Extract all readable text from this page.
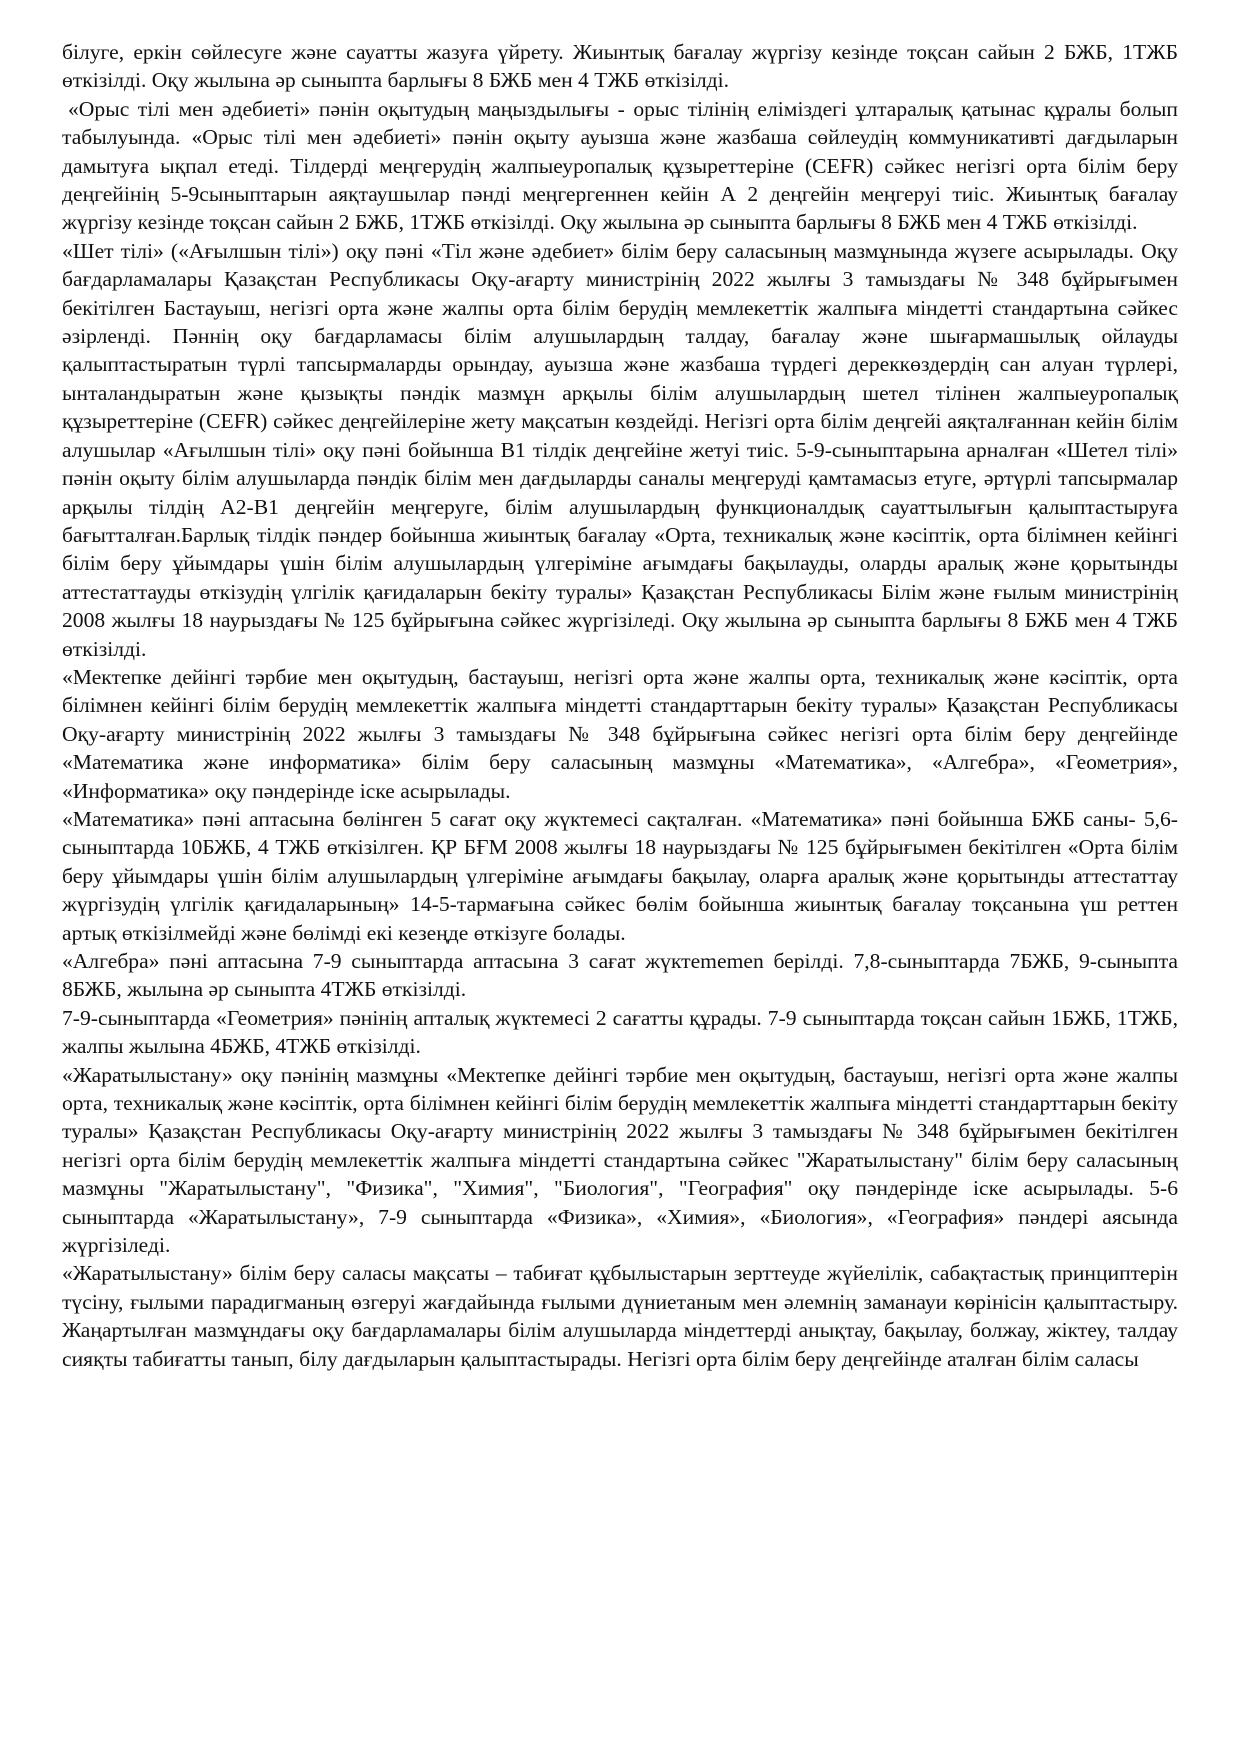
білуге, еркін сөйлесуге және сауатты жазуға үйрету. Жиынтық бағалау жүргізу кезінде тоқсан сайын 2 БЖБ, 1ТЖБ өткізілді. Оқу жылына әр сыныпта барлығы 8 БЖБ мен 4 ТЖБ өткізілді.

«Орыс тілі мен әдебиеті» пәнін оқытудың маңыздылығы - орыс тілінің еліміздегі ұлтаралық қатынас құралы болып табылуында. «Орыс тілі мен әдебиеті» пәнін оқыту ауызша және жазбаша сөйлеудің коммуникативті дағдыларын дамытуға ықпал етеді. Тілдерді меңгерудің жалпыеуропалық құзыреттеріне (CEFR) сәйкес негізгі орта білім беру деңгейінің 5-9сыныптарын аяқтаушылар пәнді меңгергеннен кейін А 2 деңгейін меңгеруі тиіс. Жиынтық бағалау жүргізу кезінде тоқсан сайын 2 БЖБ, 1ТЖБ өткізілді. Оқу жылына әр сыныпта барлығы 8 БЖБ мен 4 ТЖБ өткізілді.

«Шет тілі» («Ағылшын тілі») оқу пәні «Тіл және әдебиет» білім беру саласының мазмұнында жүзеге асырылады. Оқу бағдарламалары Қазақстан Республикасы Оқу-ағарту министрінің 2022 жылғы 3 тамыздағы № 348 бұйрығымен бекітілген Бастауыш, негізгі орта және жалпы орта білім берудің мемлекеттік жалпыға міндетті стандартына сәйкес әзірленді. Пәннің оқу бағдарламасы білім алушылардың талдау, бағалау және шығармашылық ойлауды қалыптастыратын түрлі тапсырмаларды орындау, ауызша және жазбаша түрдегі дереккөздердің сан алуан түрлері, ынталандыратын және қызықты пәндік мазмұн арқылы білім алушылардың шетел тілінен жалпыеуропалық құзыреттеріне (CEFR) сәйкес деңгейілеріне жету мақсатын көздейді. Негізгі орта білім деңгейі аяқталғаннан кейін білім алушылар «Ағылшын тілі» оқу пәні бойынша B1 тілдік деңгейіне жетуі тиіс. 5-9-сыныптарына арналған «Шетел тілі» пәнін оқыту білім алушыларда пәндік білім мен дағдыларды саналы меңгеруді қамтамасыз етуге, әртүрлі тапсырмалар арқылы тілдің A2-B1 деңгейін меңгеруге, білім алушылардың функционалдық сауаттылығын қалыптастыруға бағытталған.Барлық тілдік пәндер бойынша жиынтық бағалау «Орта, техникалық және кәсіптік, орта білімнен кейінгі білім беру ұйымдары үшін білім алушылардың үлгеріміне ағымдағы бақылауды, оларды аралық және қорытынды аттестаттауды өткізудің үлгілік қағидаларын бекіту туралы» Қазақстан Республикасы Білім және ғылым министрінің 2008 жылғы 18 наурыздағы № 125 бұйрығына сәйкес жүргізіледі. Оқу жылына әр сыныпта барлығы 8 БЖБ мен 4 ТЖБ өткізілді.

«Мектепке дейінгі тәрбие мен оқытудың, бастауыш, негізгі орта және жалпы орта, техникалық және кәсіптік, орта білімнен кейінгі білім берудің мемлекеттік жалпыға міндетті стандарттарын бекіту туралы» Қазақстан Республикасы Оқу-ағарту министрінің 2022 жылғы 3 тамыздағы № 348 бұйрығына сәйкес негізгі орта білім беру деңгейінде «Математика және информатика» білім беру саласының мазмұны «Математика», «Алгебра», «Геометрия», «Информатика» оқу пәндерінде іске асырылады.

«Математика» пәні аптасына бөлінген 5 сағат оқу жүктемесі сақталған. «Математика» пәні бойынша БЖБ саны- 5,6-сыныптарда 10БЖБ, 4 ТЖБ өткізілген. ҚР БҒМ 2008 жылғы 18 наурыздағы № 125 бұйрығымен бекітілген «Орта білім беру ұйымдары үшін білім алушылардың үлгеріміне ағымдағы бақылау, оларға аралық және қорытынды аттестаттау жүргізудің үлгілік қағидаларының» 14-5-тармағына сәйкес бөлім бойынша жиынтық бағалау тоқсанына үш реттен артық өткізілмейді және бөлімді екі кезеңде өткізуге болады.

«Алгебра» пәні аптасына 7-9 сыныптарда аптасына 3 сағат жүктememen берілді. 7,8-сыныптарда 7БЖБ, 9-сыныпта 8БЖБ, жылына әр сыныпта 4ТЖБ өткізілді.

7-9-сыныптарда «Геометрия» пәнінің апталық жүктемесі 2 сағатты құрады. 7-9 сыныптарда тоқсан сайын 1БЖБ, 1ТЖБ, жалпы жылына 4БЖБ, 4ТЖБ өткізілді.

«Жаратылыстану» оқу пәнінің мазмұны «Мектепке дейінгі тәрбие мен оқытудың, бастауыш, негізгі орта және жалпы орта, техникалық және кәсіптік, орта білімнен кейінгі білім берудің мемлекеттік жалпыға міндетті стандарттарын бекіту туралы» Қазақстан Республикасы Оқу-ағарту министрінің 2022 жылғы 3 тамыздағы № 348 бұйрығымен бекітілген негізгі орта білім берудің мемлекеттік жалпыға міндетті стандартына сәйкес "Жаратылыстану" білім беру саласының мазмұны "Жаратылыстану", "Физика", "Химия", "Биология", "География" оқу пәндерінде іске асырылады. 5-6 сыныптарда «Жаратылыстану», 7-9 сыныптарда «Физика», «Химия», «Биология», «География» пәндері аясында жүргізіледі.

«Жаратылыстану» білім беру саласы мақсаты – табиғат құбылыстарын зерттеуде жүйелілік, сабақтастық принциптерін түсіну, ғылыми парадигманың өзгеруі жағдайында ғылыми дүниетаным мен әлемнің заманауи көрінісін қалыптастыру. Жаңартылған мазмұндағы оқу бағдарламалары білім алушыларда міндеттерді анықтау, бақылау, болжау, жіктеу, талдау сияқты табиғатты танып, білу дағдыларын қалыптастырады. Негізгі орта білім беру деңгейінде аталған білім саласы
